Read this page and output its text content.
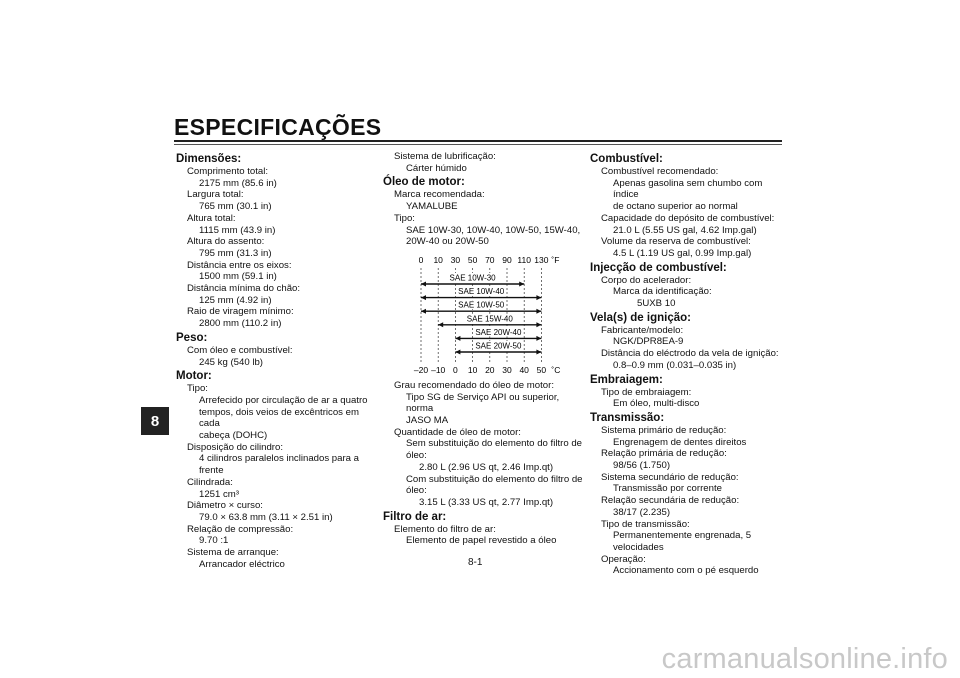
ESPECIFICAÇÕES
8
Dimensões:
Comprimento total:
2175 mm (85.6 in)
Largura total:
765 mm (30.1 in)
Altura total:
1115 mm (43.9 in)
Altura do assento:
795 mm (31.3 in)
Distância entre os eixos:
1500 mm (59.1 in)
Distância mínima do chão:
125 mm (4.92 in)
Raio de viragem mínimo:
2800 mm (110.2 in)
Peso:
Com óleo e combustível:
245 kg (540 lb)
Motor:
Tipo:
Arrefecido por circulação de ar a quatro
tempos, dois veios de excêntricos em cada
cabeça (DOHC)
Disposição do cilindro:
4 cilindros paralelos inclinados para a
frente
Cilindrada:
1251 cm³
Diâmetro × curso:
79.0 × 63.8 mm (3.11 × 2.51 in)
Relação de compressão:
9.70 :1
Sistema de arranque:
Arrancador eléctrico
Sistema de lubrificação:
Cárter húmido
Óleo de motor:
Marca recomendada:
YAMALUBE
Tipo:
SAE 10W-30, 10W-40, 10W-50, 15W-40,
20W-40 ou 20W-50
0 10 30 50 70 90 110 130 ˚F
–20 –10 0 10 20 30 40 50 ˚C
SAE 10W-30
SAE 10W-40
SAE 10W-50
SAE 15W-40
SAE 20W-40
SAE 20W-50
Grau recomendado do óleo de motor:
Tipo SG de Serviço API ou superior, norma
JASO MA
Quantidade de óleo de motor:
Sem substituição do elemento do filtro de
óleo:
2.80 L (2.96 US qt, 2.46 Imp.qt)
Com substituição do elemento do filtro de
óleo:
3.15 L (3.33 US qt, 2.77 Imp.qt)
Filtro de ar:
Elemento do filtro de ar:
Elemento de papel revestido a óleo
Combustível:
Combustível recomendado:
Apenas gasolina sem chumbo com índice
de octano superior ao normal
Capacidade do depósito de combustível:
21.0 L (5.55 US gal, 4.62 Imp.gal)
Volume da reserva de combustível:
4.5 L (1.19 US gal, 0.99 Imp.gal)
Injecção de combustível:
Corpo do acelerador:
Marca da identificação:
5UXB 10
Vela(s) de ignição:
Fabricante/modelo:
NGK/DPR8EA-9
Distância do eléctrodo da vela de ignição:
0.8–0.9 mm (0.031–0.035 in)
Embraiagem:
Tipo de embraiagem:
Em óleo, multi-disco
Transmissão:
Sistema primário de redução:
Engrenagem de dentes direitos
Relação primária de redução:
98/56 (1.750)
Sistema secundário de redução:
Transmissão por corrente
Relação secundária de redução:
38/17 (2.235)
Tipo de transmissão:
Permanentemente engrenada, 5
velocidades
Operação:
Accionamento com o pé esquerdo
8-1
carmanualsonline.info
